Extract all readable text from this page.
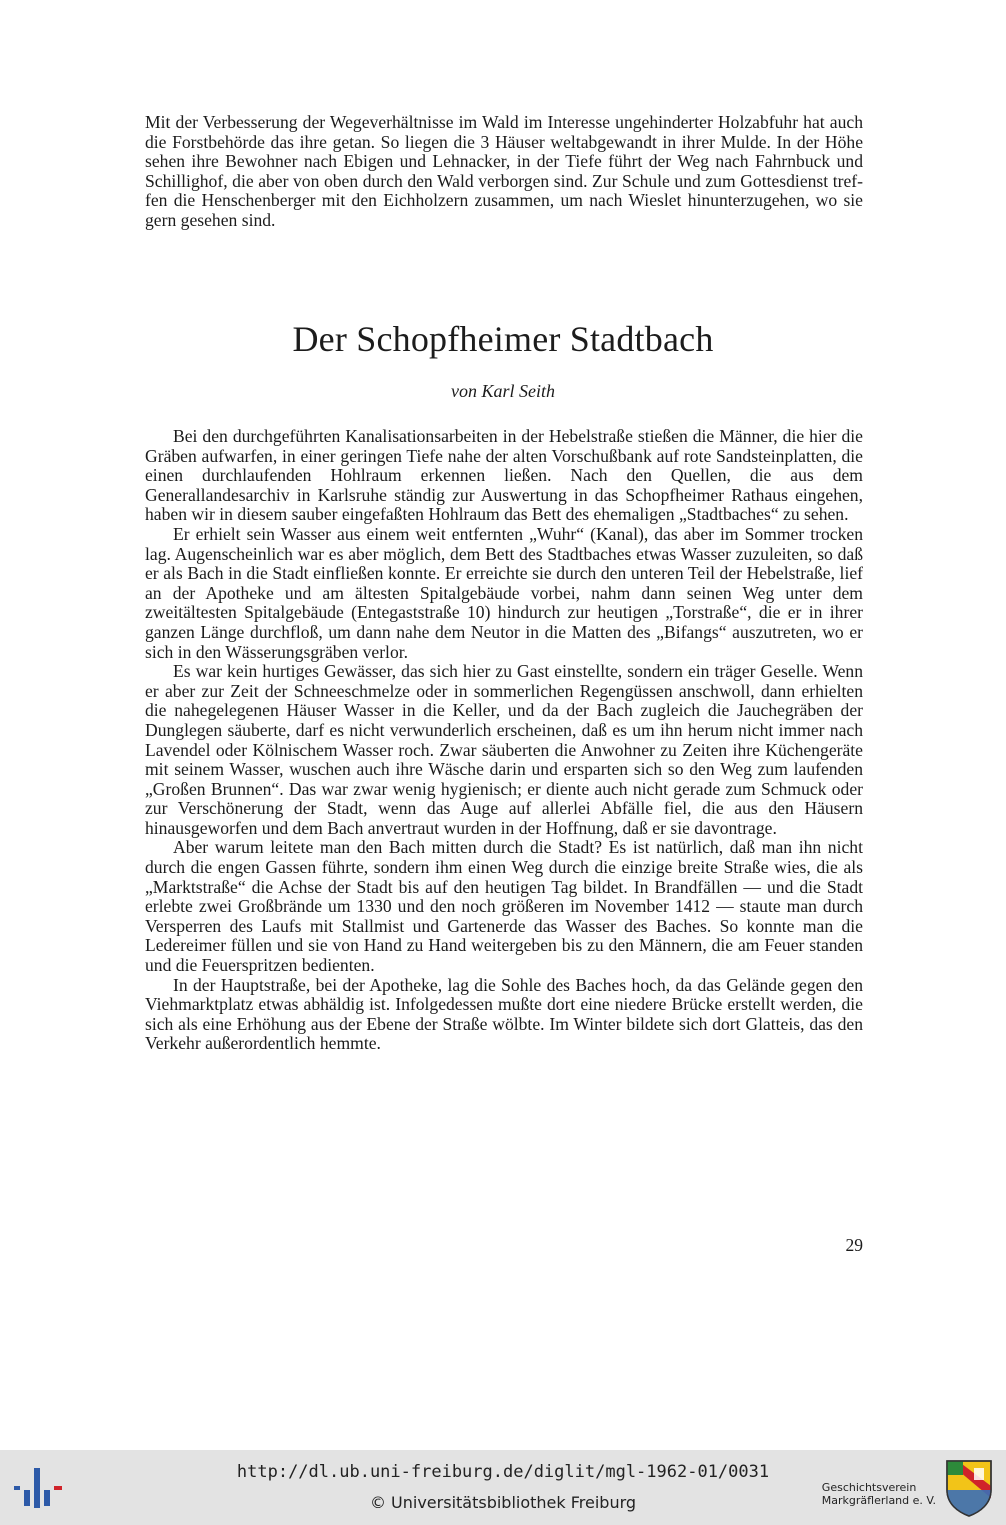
Mit der Verbesserung der Wegeverhältnisse im Wald im Interesse ungehinderter Holzabfuhr hat auch die Forstbehörde das ihre getan. So liegen die 3 Häuser weltabgewandt in ihrer Mulde. In der Höhe sehen ihre Bewohner nach Ebigen und Lehnacker, in der Tiefe führt der Weg nach Fahrnbuck und Schillighof, die aber von oben durch den Wald verborgen sind. Zur Schule und zum Gottesdienst treffen die Henschenberger mit den Eichholzern zusammen, um nach Wieslet hinunterzugehen, wo sie gern gesehen sind.

Der Schopfheimer Stadtbach
von Karl Seith

Bei den durchgeführten Kanalisationsarbeiten in der Hebelstraße stießen die Männer, die hier die Gräben aufwarfen, in einer geringen Tiefe nahe der alten Vorschußbank auf rote Sandsteinplatten, die einen durchlaufenden Hohlraum erkennen ließen. Nach den Quellen, die aus dem Generallandesarchiv in Karlsruhe ständig zur Auswertung in das Schopfheimer Rathaus eingehen, haben wir in diesem sauber eingefaßten Hohlraum das Bett des ehemaligen „Stadtbaches“ zu sehen.

Er erhielt sein Wasser aus einem weit entfernten „Wuhr“ (Kanal), das aber im Sommer trocken lag. Augenscheinlich war es aber möglich, dem Bett des Stadtbaches etwas Wasser zuzuleiten, so daß er als Bach in die Stadt einfließen konnte. Er erreichte sie durch den unteren Teil der Hebelstraße, lief an der Apotheke und am ältesten Spitalgebäude vorbei, nahm dann seinen Weg unter dem zweitältesten Spitalgebäude (Entegaststraße 10) hindurch zur heutigen „Torstraße“, die er in ihrer ganzen Länge durchfloß, um dann nahe dem Neutor in die Matten des „Bifangs“ auszutreten, wo er sich in den Wässerungsgräben verlor.

Es war kein hurtiges Gewässer, das sich hier zu Gast einstellte, sondern ein träger Geselle. Wenn er aber zur Zeit der Schneeschmelze oder in sommerlichen Regengüssen anschwoll, dann erhielten die nahegelegenen Häuser Wasser in die Keller, und da der Bach zugleich die Jauchegräben der Dunglegen säuberte, darf es nicht verwunderlich erscheinen, daß es um ihn herum nicht immer nach Lavendel oder Kölnischem Wasser roch. Zwar säuberten die Anwohner zu Zeiten ihre Küchengeräte mit seinem Wasser, wuschen auch ihre Wäsche darin und ersparten sich so den Weg zum laufenden „Großen Brunnen“. Das war zwar wenig hygienisch; er diente auch nicht gerade zum Schmuck oder zur Verschönerung der Stadt, wenn das Auge auf allerlei Abfälle fiel, die aus den Häusern hinausgeworfen und dem Bach anvertraut wurden in der Hoffnung, daß er sie davontrage.

Aber warum leitete man den Bach mitten durch die Stadt? Es ist natürlich, daß man ihn nicht durch die engen Gassen führte, sondern ihm einen Weg durch die einzige breite Straße wies, die als „Marktstraße“ die Achse der Stadt bis auf den heutigen Tag bildet. In Brandfällen — und die Stadt erlebte zwei Großbrände um 1330 und den noch größeren im November 1412 — staute man durch Versperren des Laufs mit Stallmist und Gartenerde das Wasser des Baches. So konnte man die Ledereimer füllen und sie von Hand zu Hand weitergeben bis zu den Männern, die am Feuer standen und die Feuerspritzen bedienten.

In der Hauptstraße, bei der Apotheke, lag die Sohle des Baches hoch, da das Gelände gegen den Viehmarktplatz etwas abhäldig ist. Infolgedessen mußte dort eine niedere Brücke erstellt werden, die sich als eine Erhöhung aus der Ebene der Straße wölbte. Im Winter bildete sich dort Glatteis, das den Verkehr außerordentlich hemmte.

29
http://dl.ub.uni-freiburg.de/diglit/mgl-1962-01/0031
© Universitätsbibliothek Freiburg
Geschichtsverein
Markgräflerland e. V.
